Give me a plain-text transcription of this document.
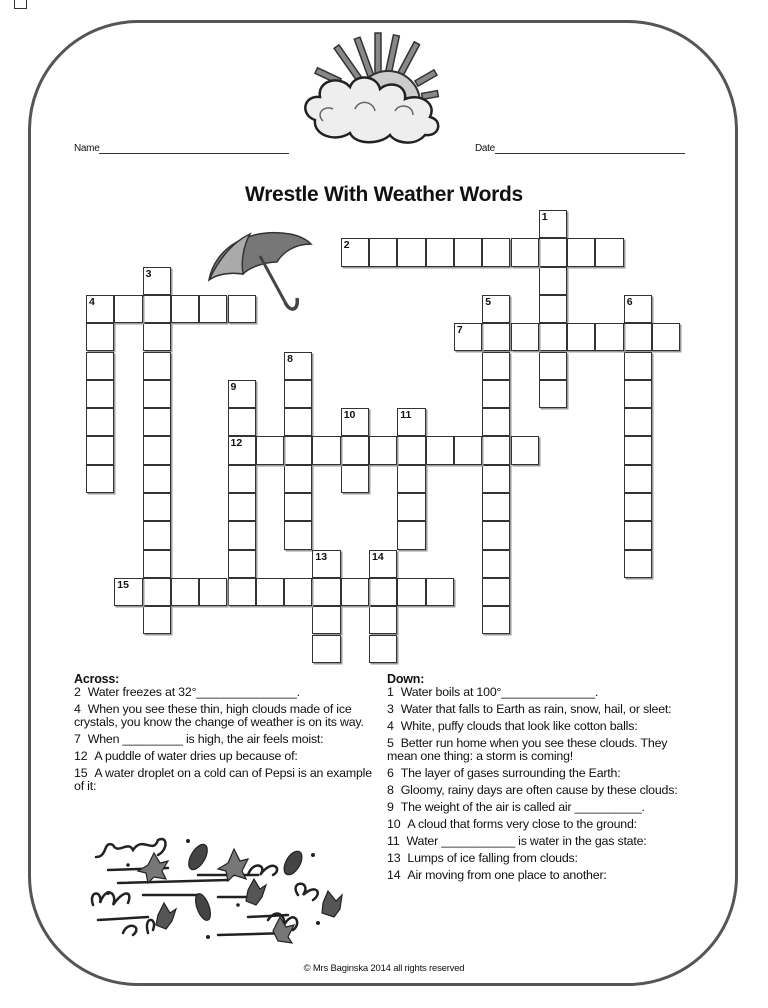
Name	Date
Wrestle With Weather Words
1
2
3
4	5	6
7
8
9
12
10	11
13	14
15
Across:
2 Water freezes at 32°_______________.
4 When you see these thin, high clouds made of ice crystals, you know the change of weather is on its way.
7 When _________ is high, the air feels moist:
12 A puddle of water dries up because of:
15 A water droplet on a cold can of Pepsi is an example of it:
Down:
1 Water boils at 100°______________.
3 Water that falls to Earth as rain, snow, hail, or sleet:
4 White, puffy clouds that look like cotton balls:
5 Better run home when you see these clouds. They mean one thing: a storm is coming!
6 The layer of gases surrounding the Earth:
8 Gloomy, rainy days are often cause by these clouds:
9 The weight of the air is called air __________.
10 A cloud that forms very close to the ground:
11 Water ___________ is water in the gas state:
13 Lumps of ice falling from clouds:
14 Air moving from one place to another:
© Mrs Baginska 2014 all rights reserved
